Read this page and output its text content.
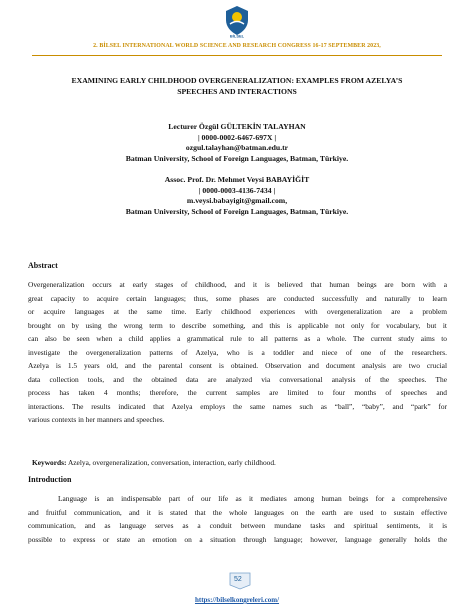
BİLSEL
2. BİLSEL INTERNATIONAL WORLD SCIENCE AND RESEARCH CONGRESS 16-17 SEPTEMBER 2023,
EXAMINING EARLY CHILDHOOD OVERGENERALIZATION: EXAMPLES FROM AZELYA’S
SPEECHES AND INTERACTIONS
Lecturer Özgül GÜLTEKİN TALAYHAN
| 0000-0002-6467-697X |
ozgul.talayhan@batman.edu.tr
Batman University, School of Foreign Languages, Batman, Türkiye.
Assoc. Prof. Dr. Mehmet Veysi BABAYİĞİT
| 0000-0003-4136-7434 |
m.veysi.babayigit@gmail.com,
Batman University, School of Foreign Languages, Batman, Türkiye.
Abstract
Overgeneralization occurs at early stages of childhood, and it is believed that human beings are born with a
great capacity to acquire certain languages; thus, some phases are conducted successfully and naturally to learn
or acquire languages at the same time. Early childhood experiences with overgeneralization are a problem
brought on by using the wrong term to describe something, and this is applicable not only for vocabulary, but it
can also be seen when a child applies a grammatical rule to all patterns as a whole. The current study aims to
investigate the overgeneralization patterns of Azelya, who is a toddler and niece of one of the researchers.
Azelya is 1.5 years old, and the parental consent is obtained. Observation and document analysis are two crucial
data collection tools, and the obtained data are analyzed via conversational analysis of the speeches. The
process has taken 4 months; therefore, the current samples are limited to four months of speeches and
interactions. The results indicated that Azelya employs the same names such as “ball”, “baby”, and “park” for
various contexts in her manners and speeches.
Keywords: Azelya, overgeneralization, conversation, interaction, early childhood.
Introduction
Language is an indispensable part of our life as it mediates among human beings for a comprehensive
and fruitful communication, and it is stated that the whole languages on the earth are used to sustain effective
communication, and as language serves as a conduit between mundane tasks and spiritual sentiments, it is
possible to express or state an emotion on a situation through language; however, language generally holds the
52
https://bilselkongreleri.com/
